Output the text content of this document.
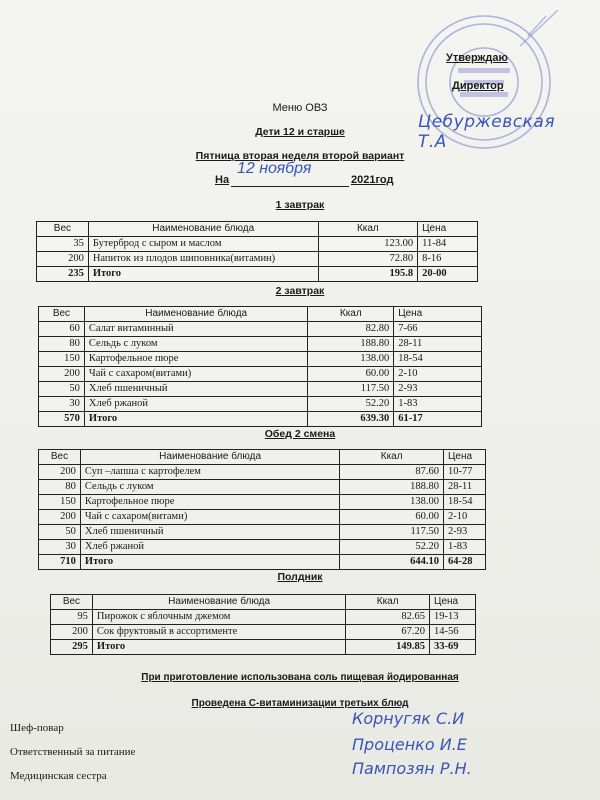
Утверждаю
Директор
Цебуржевская Т.А
Меню ОВЗ
Дети 12 и старше
Пятница вторая неделя второй вариант
На
12 ноября
2021год
1 завтрак
Вес	Наименование блюда	Ккал	Цена
35	Бутерброд с сыром и маслом	123.00	11-84
200	Напиток из плодов шиповника(витамин)	72.80	8-16
235	Итого	195.8	20-00
2 завтрак
Вес	Наименование блюда	Ккал	Цена
60	Салат витаминный	82.80	7-66
80	Сельдь с луком	188.80	28-11
150	Картофельное пюре	138.00	18-54
200	Чай с сахаром(витами)	60.00	2-10
50	Хлеб пшеничный	117.50	2-93
30	Хлеб ржаной	52.20	1-83
570	Итого	639.30	61-17
Обед 2 смена
Вес	Наименование блюда	Ккал	Цена
200	Суп –лапша с картофелем	87.60	10-77
80	Сельдь с луком	188.80	28-11
150	Картофельное пюре	138.00	18-54
200	Чай с сахаром(витами)	60.00	2-10
50	Хлеб пшеничный	117.50	2-93
30	Хлеб ржаной	52.20	1-83
710	Итого	644.10	64-28
Полдник
Вес	Наименование блюда	Ккал	Цена
95	Пирожок с яблочным джемом	82.65	19-13
200	Сок фруктовый в ассортименте	67.20	14-56
295	Итого	149.85	33-69
При приготовление использована соль пищевая йодированная
Проведена С-витаминизации третьих блюд
Шеф-повар	Корнугяк С.И
Ответственный за питание	Проценко И.Е
Медицинская сестра	Пампозян Р.Н.
